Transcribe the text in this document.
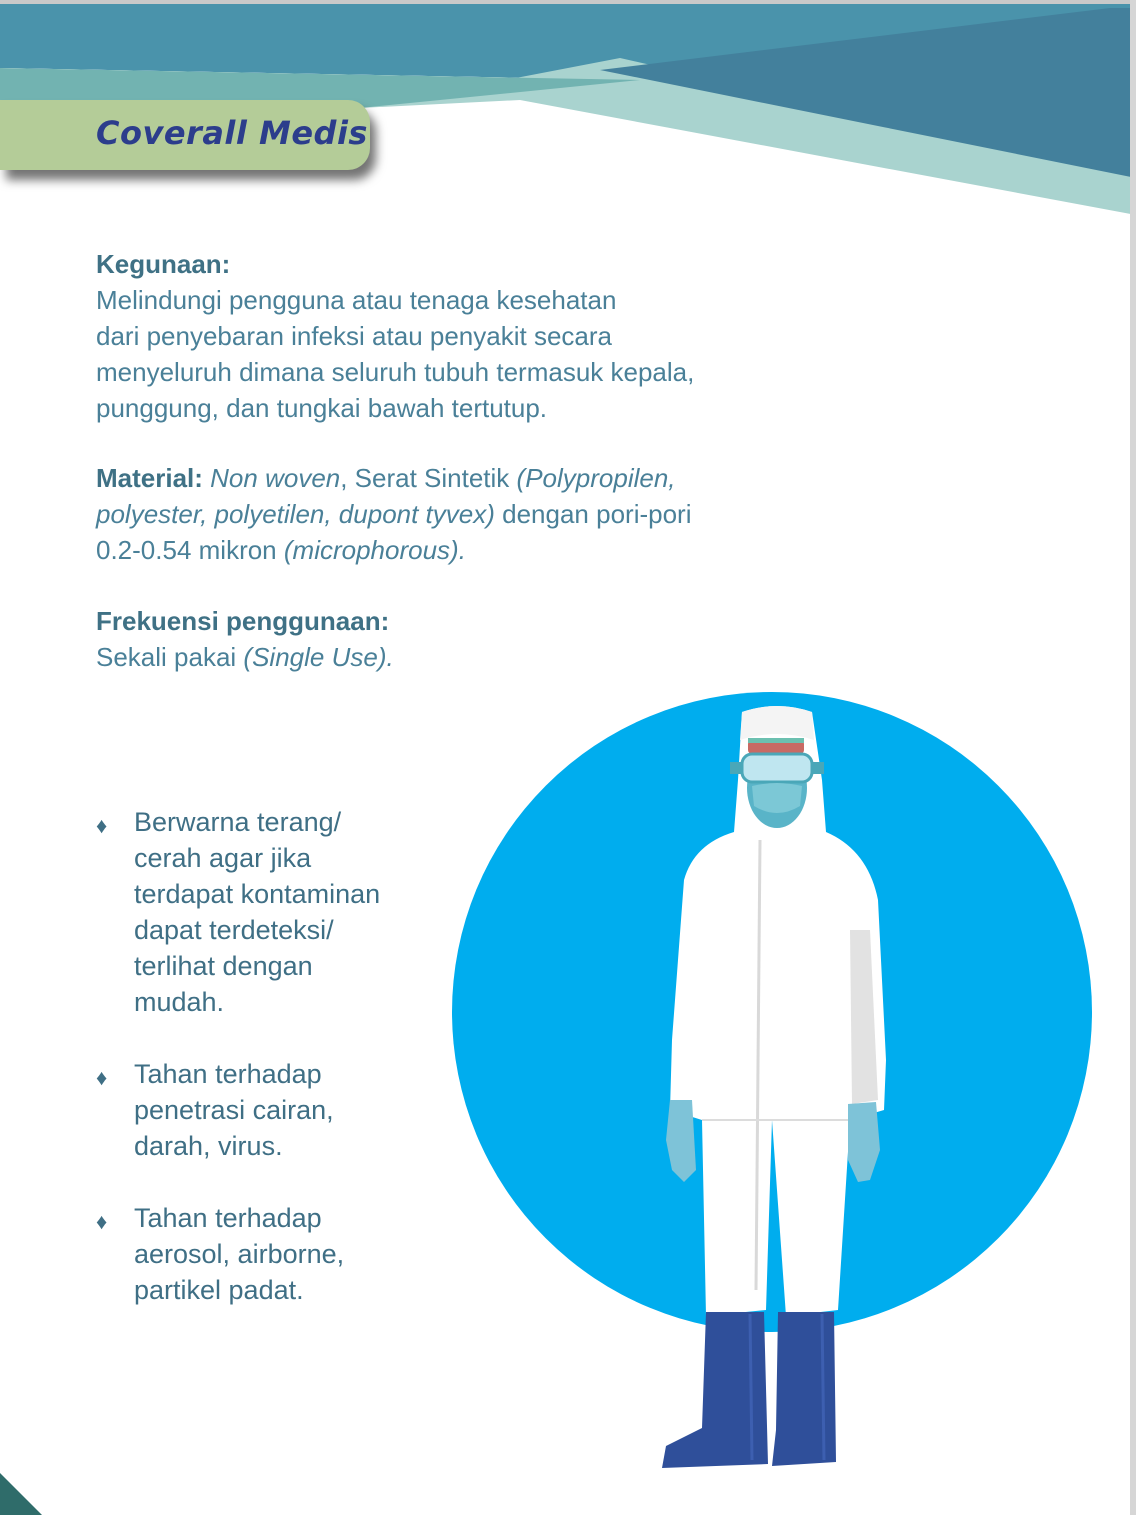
Coverall Medis
Kegunaan:
Melindungi pengguna atau tenaga kesehatan
dari penyebaran infeksi atau penyakit secara
menyeluruh dimana seluruh tubuh termasuk kepala,
punggung, dan tungkai bawah tertutup.
Material: Non woven, Serat Sintetik (Polypropilen,
polyester, polyetilen, dupont tyvex) dengan pori-pori
0.2-0.54 mikron (microphorous).
Frekuensi penggunaan:
Sekali pakai (Single Use).
♦ Berwarna terang/
cerah agar jika
terdapat kontaminan
dapat terdeteksi/
terlihat dengan
mudah.
♦ Tahan terhadap
penetrasi cairan,
darah, virus.
♦ Tahan terhadap
aerosol, airborne,
partikel padat.
